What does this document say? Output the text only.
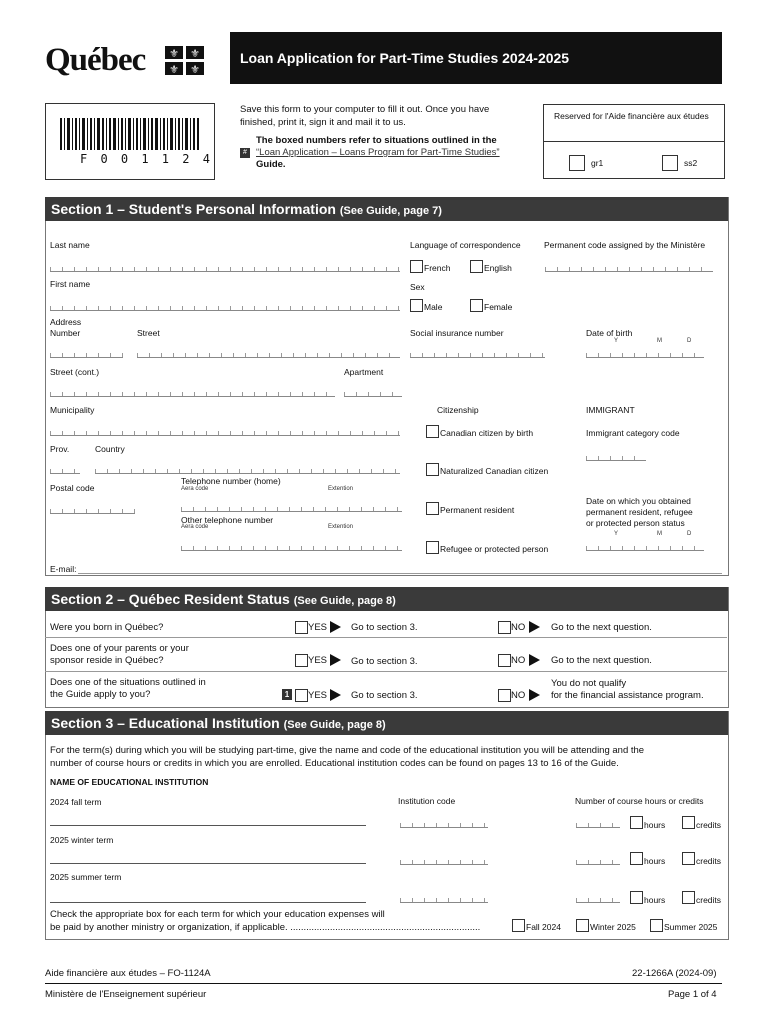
Québec ⚜ ⚜
⚜ ⚜
Loan Application for Part-Time Studies 2024-2025
F 0 0 1 1 2 4
Save this form to your computer to fill it out. Once you have
finished, print it, sign it and mail it to us.
The boxed numbers refer to situations outlined in the
# “Loan Application – Loans Program for Part-Time Studies”
Guide.
Reserved for l'Aide financière aux études
gr1	ss2
Section 1 – Student's Personal Information (See Guide, page 7)
Last name
First name
Language of correspondence
French	English
Permanent code assigned by the Ministère
Sex
Male	Female
Address
Number	Street	Social insurance number	Date of birth
Y	M	D
Street (cont.)	Apartment
Municipality	Citizenship	IMMIGRANT
Canadian citizen by birth	Immigrant category code
Prov.	Country
Naturalized Canadian citizen
Postal code
Telephone number (home)
Aera code	Extention
Permanent resident
Date on which you obtained
permanent resident, refugee
or protected person status
Other telephone number
Aera code	Extention
Y	M	D
Refugee or protected person
E-mail:
Section 2 – Québec Resident Status (See Guide, page 8)
Were you born in Québec?	YES	Go to section 3.	NO	Go to the next question.
Does one of your parents or your
sponsor reside in Québec?	YES	Go to section 3.	NO	Go to the next question.
Does one of the situations outlined in
the Guide apply to you?	1 YES	Go to section 3.	NO
You do not qualify
for the financial assistance program.
Section 3 – Educational Institution (See Guide, page 8)
For the term(s) during which you will be studying part-time, give the name and code of the educational institution you will be attending and the
number of course hours or credits in which you are enrolled. Educational institution codes can be found on pages 13 to 16 of the Guide.
NAME OF EDUCATIONAL INSTITUTION
2024 fall term	Institution code	Number of course hours or credits
hours	credits
2025 winter term
hours	credits
2025 summer term
hours	credits
Check the appropriate box for each term for which your education expenses will
be paid by another ministry or organization, if applicable. ........................................................................	Fall 2024	Winter 2025	Summer 2025
Aide financière aux études – FO-1124A	22-1266A (2024-09)
Ministère de l'Enseignement supérieur	Page 1 of 4
